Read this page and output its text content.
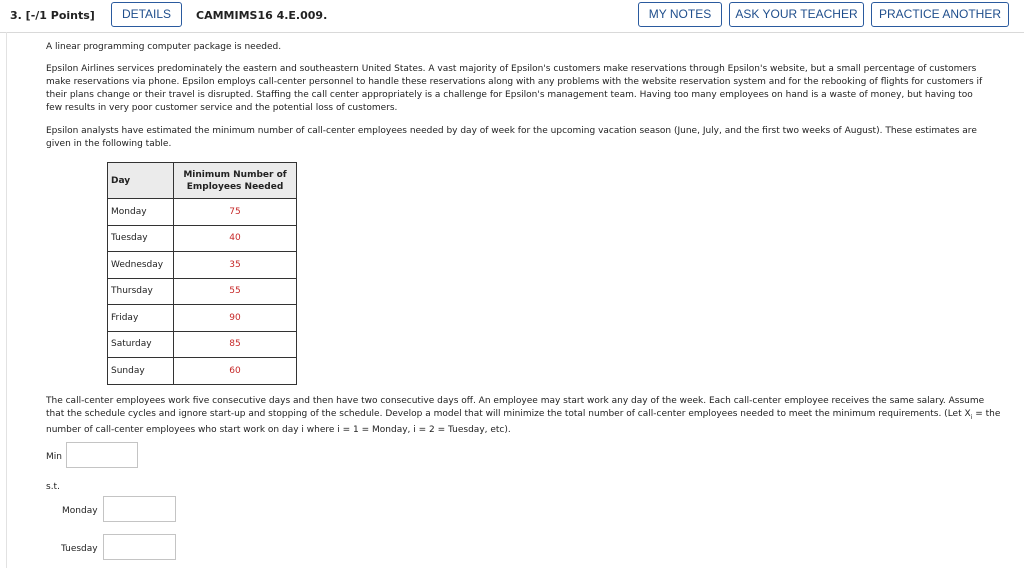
3. [-/1 Points]	DETAILS	CAMMIMS16 4.E.009.	MY NOTES	ASK YOUR TEACHER	PRACTICE ANOTHER

A linear programming computer package is needed.

Epsilon Airlines services predominately the eastern and southeastern United States. A vast majority of Epsilon's customers make reservations through Epsilon's website, but a small percentage of customers make reservations via phone. Epsilon employs call-center personnel to handle these reservations along with any problems with the website reservation system and for the rebooking of flights for customers if their plans change or their travel is disrupted. Staffing the call center appropriately is a challenge for Epsilon's management team. Having too many employees on hand is a waste of money, but having too few results in very poor customer service and the potential loss of customers.

Epsilon analysts have estimated the minimum number of call-center employees needed by day of week for the upcoming vacation season (June, July, and the first two weeks of August). These estimates are given in the following table.

Day	Minimum Number of Employees Needed
Monday	75
Tuesday	40
Wednesday	35
Thursday	55
Friday	90
Saturday	85
Sunday	60

The call-center employees work five consecutive days and then have two consecutive days off. An employee may start work any day of the week. Each call-center employee receives the same salary. Assume that the schedule cycles and ignore start-up and stopping of the schedule. Develop a model that will minimize the total number of call-center employees needed to meet the minimum requirements. (Let $X_i$ = the number of call-center employees who start work on day i where i = 1 = Monday, i = 2 = Tuesday, etc).

Min
s.t.
Monday
Tuesday
